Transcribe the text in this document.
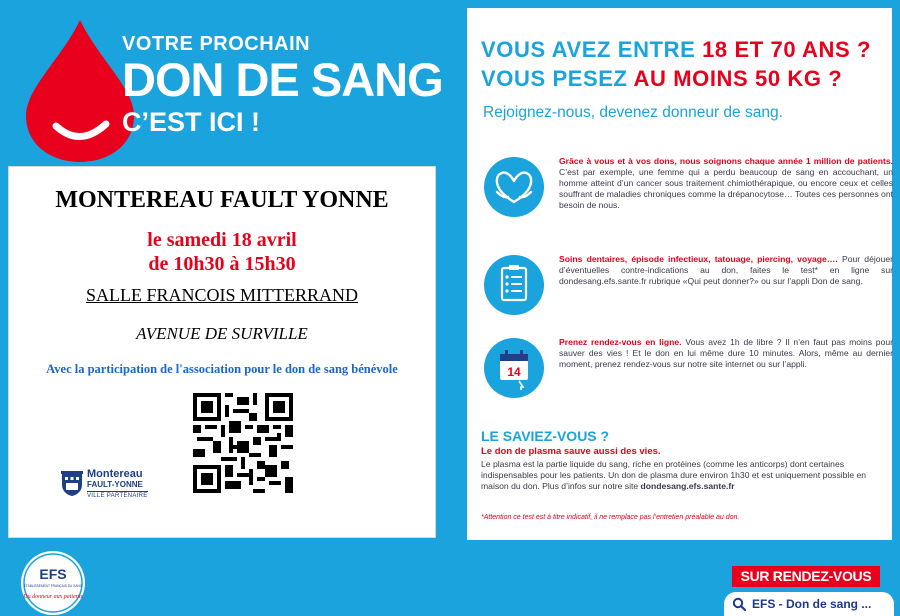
VOTRE PROCHAIN
DON DE SANG
C’EST ICI !
MONTEREAU FAULT YONNE
le samedi 18 avril
de 10h30 à 15h30
SALLE FRANCOIS MITTERRAND
AVENUE DE SURVILLE
Avec la participation de l'association pour le don de sang bénévole
Montereau
FAULT-YONNE
VILLE PARTENAIRE
EFS
ÉTABLISSEMENT FRANÇAIS DU SANG
Du donneur aux patients
VOUS AVEZ ENTRE 18 ET 70 ANS ?
VOUS PESEZ AU MOINS 50 KG ?
Rejoignez-nous, devenez donneur de sang.
Grâce à vous et à vos dons, nous soignons chaque année 1 million de patients. C’est par exemple, une femme qui a perdu beaucoup de sang en accouchant, un homme atteint d’un cancer sous traitement chimiothérapique, ou encore ceux et celles souffrant de maladies chroniques comme la drépanocytose… Toutes ces personnes ont besoin de nous.
Soins dentaires, épisode infectieux, tatouage, piercing, voyage…. Pour déjouer d’éventuelles contre-indications au don, faites le test* en ligne sur dondesang.efs.sante.fr rubrique «Qui peut donner?» ou sur l’appli Don de sang.
14
Prenez rendez-vous en ligne. Vous avez 1h de libre ? Il n’en faut pas moins pour sauver des vies ! Et le don en lui même dure 10 minutes. Alors, même au dernier moment, prenez rendez-vous sur notre site internet ou sur l’appli.
LE SAVIEZ-VOUS ?
Le don de plasma sauve aussi des vies.
Le plasma est la partie liquide du sang, riche en protéines (comme les anticorps) dont certaines indispensables pour les patients. Un don de plasma dure environ 1h30 et est uniquement possible en maison du don. Plus d’infos sur notre site dondesang.efs.sante.fr
*Attention ce test est à titre indicatif, il ne remplace pas l’entretien préalable au don.
SUR RENDEZ-VOUS
EFS - Don de sang ...
